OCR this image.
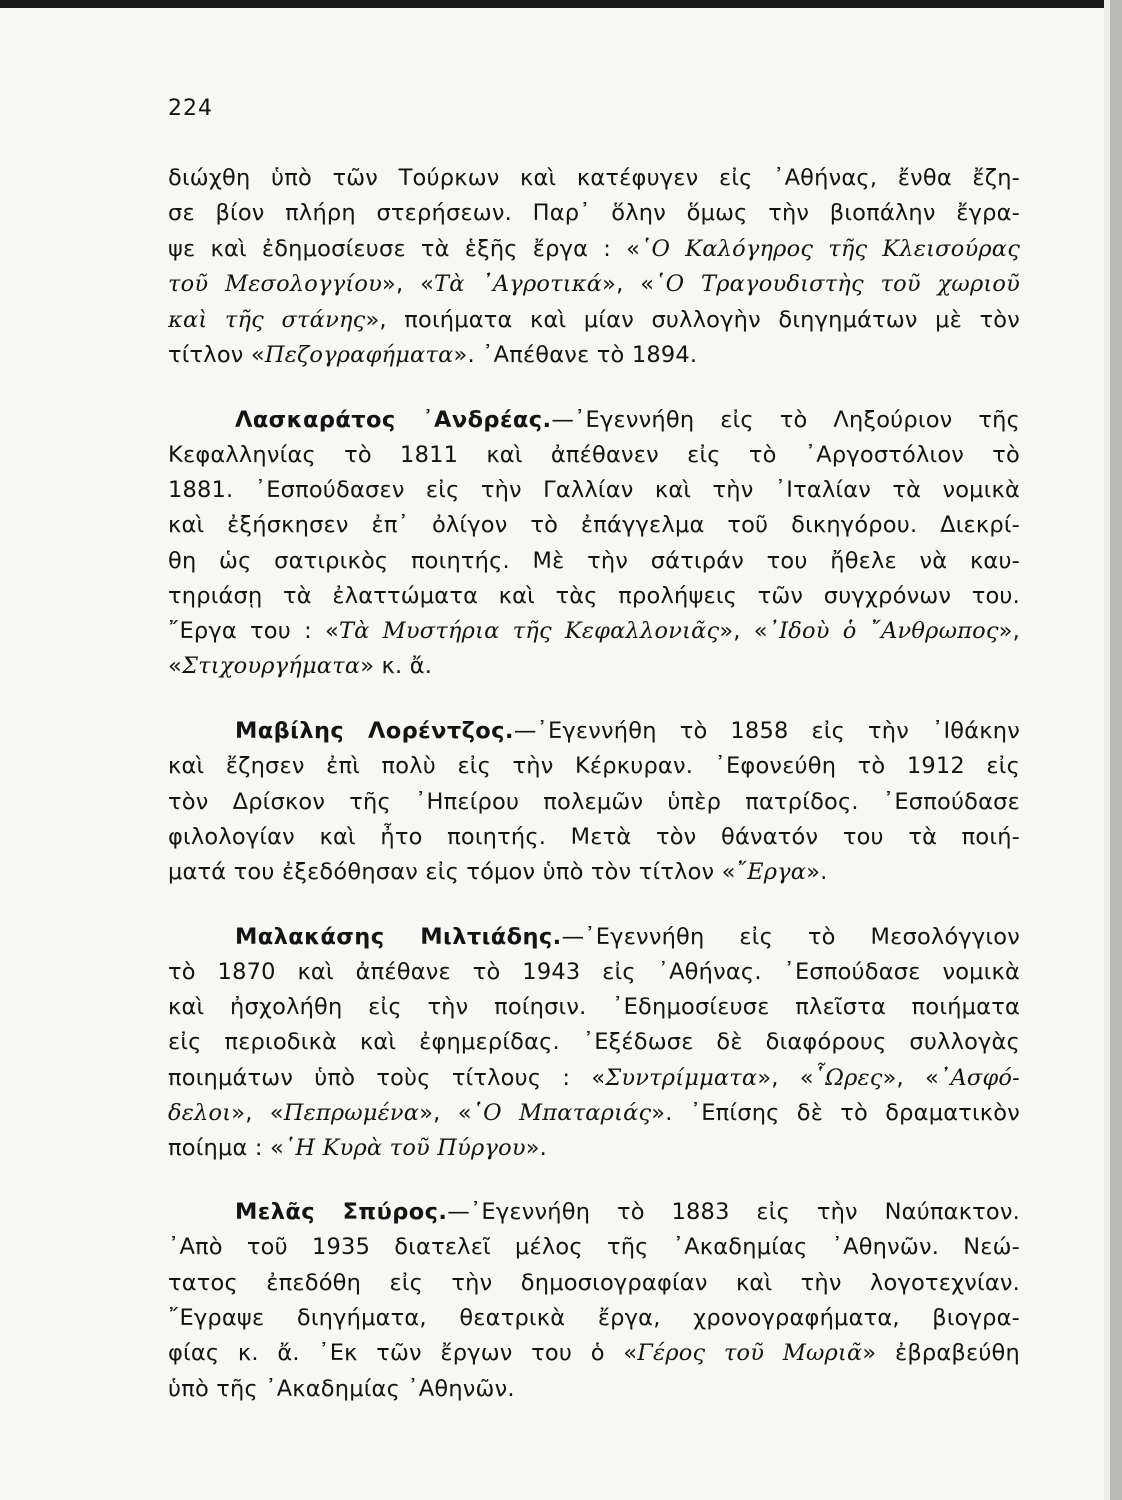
224
διώχθη ὑπὸ τῶν Τούρκων καὶ κατέφυγεν εἰς ᾿Αθήνας, ἔνθα ἔζη-
σε βίον πλήρη στερήσεων. Παρ᾿ ὅλην ὅμως τὴν βιοπάλην ἔγρα-
ψε καὶ ἐδημοσίευσε τὰ ἑξῆς ἔργα : «῾Ο Καλόγηρος τῆς Κλεισούρας
τοῦ Μεσολογγίου», «Τὰ ᾿Αγροτικά», «῾Ο Τραγουδιστὴς τοῦ χωριοῦ
καὶ τῆς στάνης», ποιήματα καὶ μίαν συλλογὴν διηγημάτων μὲ τὸν
τίτλον «Πεζογραφήματα». ᾿Απέθανε τὸ 1894.
Λασκαράτος ᾿Ανδρέας.—᾿Εγεννήθη εἰς τὸ Ληξούριον τῆς
Κεφαλληνίας τὸ 1811 καὶ ἀπέθανεν εἰς τὸ ᾿Αργοστόλιον τὸ
1881. ᾿Εσπούδασεν εἰς τὴν Γαλλίαν καὶ τὴν ᾿Ιταλίαν τὰ νομικὰ
καὶ ἐξήσκησεν ἐπ᾿ ὀλίγον τὸ ἐπάγγελμα τοῦ δικηγόρου. Διεκρί-
θη ὡς σατιρικὸς ποιητής. Μὲ τὴν σάτιράν του ἤθελε νὰ καυ-
τηριάσῃ τὰ ἐλαττώματα καὶ τὰς προλήψεις τῶν συγχρόνων του.
῎Εργα του : «Τὰ Μυστήρια τῆς Κεφαλλονιᾶς», «᾿Ιδοὺ ὁ ῎Ανθρωπος»,
«Στιχουργήματα» κ. ἄ.
Μαβίλης Λορέντζος.—᾿Εγεννήθη τὸ 1858 εἰς τὴν ᾿Ιθάκην
καὶ ἔζησεν ἐπὶ πολὺ εἰς τὴν Κέρκυραν. ᾿Εφονεύθη τὸ 1912 εἰς
τὸν Δρίσκον τῆς ᾿Ηπείρου πολεμῶν ὑπὲρ πατρίδος. ᾿Εσπούδασε
φιλολογίαν καὶ ἦτο ποιητής. Μετὰ τὸν θάνατόν του τὰ ποιή-
ματά του ἐξεδόθησαν εἰς τόμον ὑπὸ τὸν τίτλον «῎Εργα».
Μαλακάσης Μιλτιάδης.—᾿Εγεννήθη εἰς τὸ Μεσολόγγιον
τὸ 1870 καὶ ἀπέθανε τὸ 1943 εἰς ᾿Αθήνας. ᾿Εσπούδασε νομικὰ
καὶ ἠσχολήθη εἰς τὴν ποίησιν. ᾿Εδημοσίευσε πλεῖστα ποιήματα
εἰς περιοδικὰ καὶ ἐφημερίδας. ᾿Εξέδωσε δὲ διαφόρους συλλογὰς
ποιημάτων ὑπὸ τοὺς τίτλους : «Συντρίμματα», «῟Ωρες», «᾿Ασφό-
δελοι», «Πεπρωμένα», «῾Ο Μπαταριάς». ᾿Επίσης δὲ τὸ δραματικὸν
ποίημα : «῾Η Κυρὰ τοῦ Πύργου».
Μελᾶς Σπύρος.—᾿Εγεννήθη τὸ 1883 εἰς τὴν Ναύπακτον.
᾿Απὸ τοῦ 1935 διατελεῖ μέλος τῆς ᾿Ακαδημίας ᾿Αθηνῶν. Νεώ-
τατος ἐπεδόθη εἰς τὴν δημοσιογραφίαν καὶ τὴν λογοτεχνίαν.
῎Εγραψε διηγήματα, θεατρικὰ ἔργα, χρονογραφήματα, βιογρα-
φίας κ. ἄ. ᾿Εκ τῶν ἔργων του ὁ «Γέρος τοῦ Μωριᾶ» ἐβραβεύθη
ὑπὸ τῆς ᾿Ακαδημίας ᾿Αθηνῶν.
